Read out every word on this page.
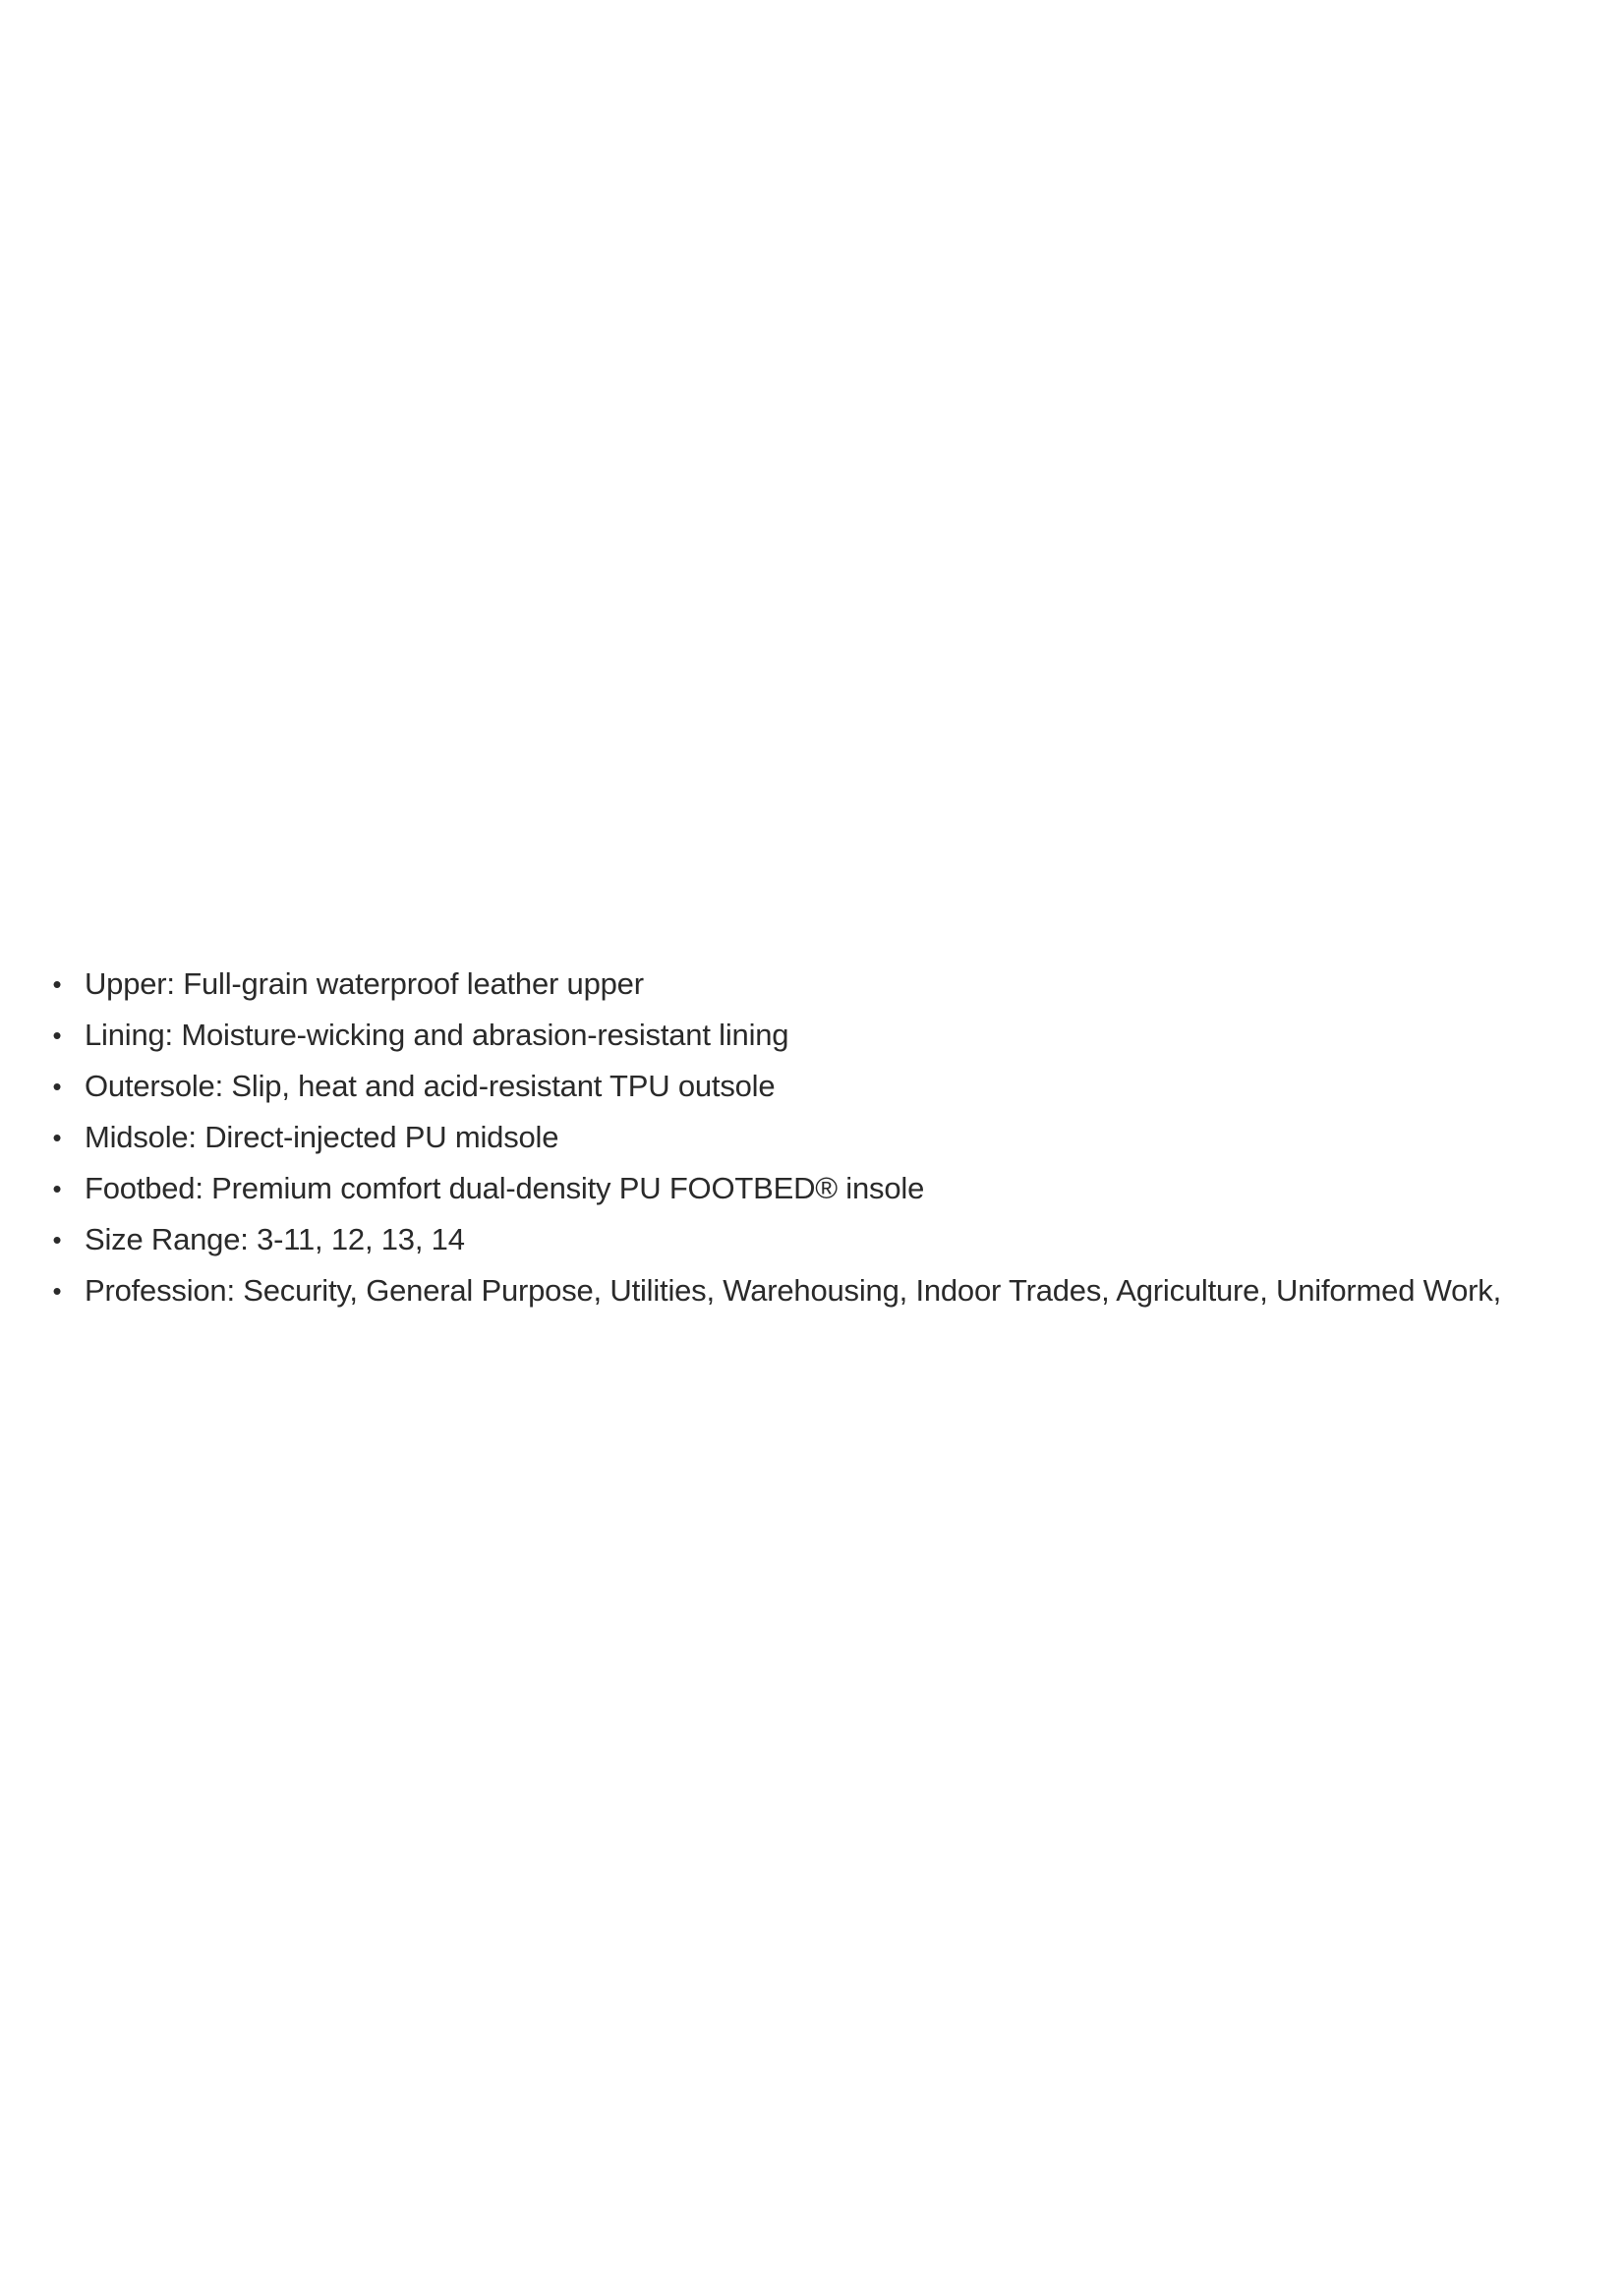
• Upper: Full-grain waterproof leather upper
• Lining: Moisture-wicking and abrasion-resistant lining
• Outersole: Slip, heat and acid-resistant TPU outsole
• Midsole: Direct-injected PU midsole
• Footbed: Premium comfort dual-density PU FOOTBED® insole
• Size Range: 3-11, 12, 13, 14
• Profession: Security, General Purpose, Utilities, Warehousing, Indoor Trades, Agriculture, Uniformed Work,
